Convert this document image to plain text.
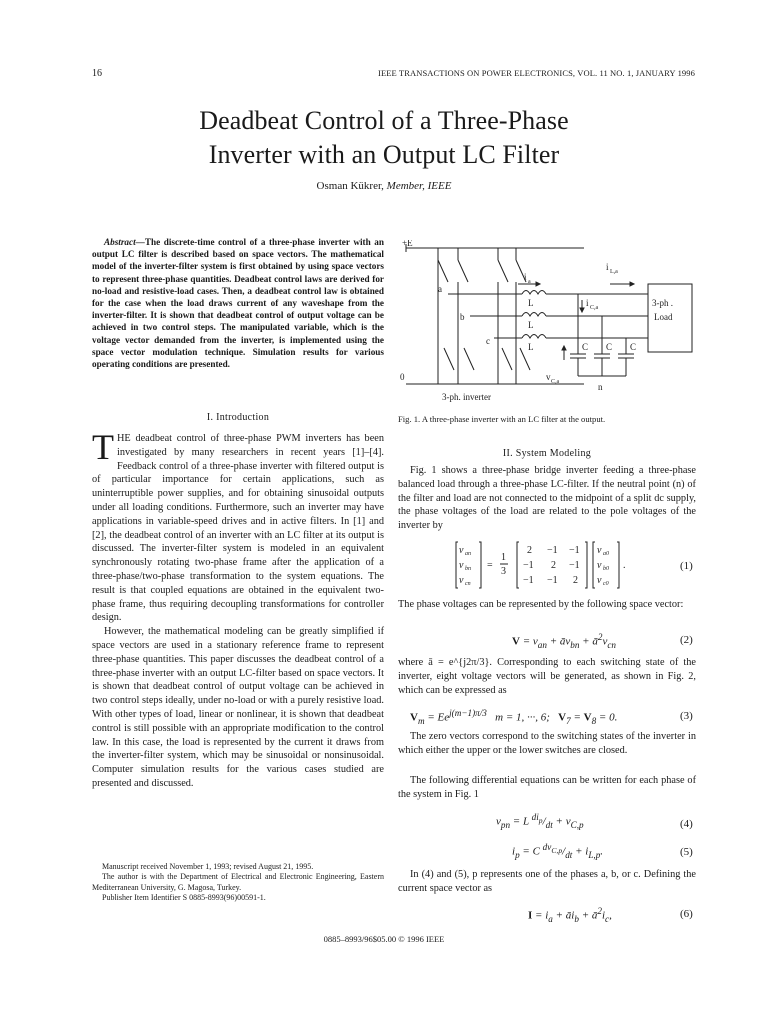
16	IEEE TRANSACTIONS ON POWER ELECTRONICS, VOL. 11 NO. 1, JANUARY 1996
Deadbeat Control of a Three-Phase
Inverter with an Output LC Filter
Osman Kükrer, Member, IEEE
Abstract—The discrete-time control of a three-phase inverter with an output LC filter is described based on space vectors. The mathematical model of the inverter-filter system is first obtained by using space vectors to represent three-phase quantities. Deadbeat control laws are derived for no-load and resistive-load cases. Then, a deadbeat control law is obtained for the case when the load draws current of any waveshape from the inverter-filter. It is shown that deadbeat control of output voltage can be achieved in two control steps. The manipulated variable, which is the voltage vector demanded from the inverter, is implemented using the space vector modulation technique. Simulation results for various operating conditions are presented.
I. Introduction

THE deadbeat control of three-phase PWM inverters has been investigated by many researchers in recent years [1]–[4]. Feedback control of a three-phase inverter with filtered output is of particular importance for certain applications, such as uninterruptible power supplies, and for obtaining sinusoidal outputs under all loading conditions. Furthermore, such an inverter may have applications in variable-speed drives and in active filters. In [1] and [2], the deadbeat control of an inverter with an LC filter at its output is discussed. The inverter-filter system is modeled in an equivalent synchronously rotating two-phase frame after the application of a three-phase/two-phase transformation to the system equations. The result is that coupled equations are obtained in the equivalent two-phase frame, thus requiring decoupling transformations for controller design.

However, the mathematical modeling can be greatly simplified if space vectors are used in a stationary reference frame to represent three-phase quantities. This paper discusses the deadbeat control of a three-phase inverter with an output LC-filter based on space vectors. It is shown that deadbeat control of output voltage can be achieved in two control steps ideally, under no-load or with a purely resistive load. With other types of load, linear or nonlinear, it is shown that deadbeat control is still possible with an appropriate modification to the control law. In this case, the load is represented by the current it draws from the inverter-filter system, which may be sinusoidal or nonsinusoidal. Computer simulation results for the various cases studied are presented and discussed.

Manuscript received November 1, 1993; revised August 21, 1995.

The author is with the Department of Electrical and Electronic Engineering, Eastern Mediterranean University, G. Magosa, Turkey.

Publisher Item Identifier S 0885-8993(96)00591-1.

+E
0
a
b
c
i a
i L,a
i C,a
L
L
L	C C C
v C,a	n
3-ph .
Load
3-ph. inverter
Fig. 1. A three-phase inverter with an LC filter at the output.
II. System Modeling
Fig. 1 shows a three-phase bridge inverter feeding a three-phase balanced load through a three-phase LC-filter. If the neutral point (n) of the filter and load are not connected to the midpoint of a split dc supply, the phase voltages of the load are related to the pole voltages of the inverter by
v an
v bn
v cn
=
1
3
2 −1 −1
−1 2 −1
−1 −1 2
v a0
v b0
v c0
.	(1)
The phase voltages can be represented by the following space vector:
$V = v_{an}$ + $āv_{bn}$ + $ā^2v_{cn}$	(2)
where ā = e^{j2π/3}. Corresponding to each switching state of the inverter, eight voltage vectors will be generated, as shown in Fig. 2, which can be expressed as
$V_m = Ee^{j(m-1)\pi/3}$ m = 1, ···, 6;   $V_7 = V_8 = 0$.	(3)
The zero vectors correspond to the switching states of the inverter in which either the upper or the lower switches are closed.
The following differential equations can be written for each phase of the system in Fig. 1
$v_{pn} = L$ $^{di_p}/_{dt} + v_{C,p}$	(4)
$i_p = C$ $^{dv_{C,p}}/_{dt} + i_{L,p}$.	(5)
In (4) and (5), p represents one of the phases a, b, or c. Defining the current space vector as
$I = i_a$ + $āi_b$ + $ā^2i_c$,	(6)
0885–8993/96$05.00 © 1996 IEEE
